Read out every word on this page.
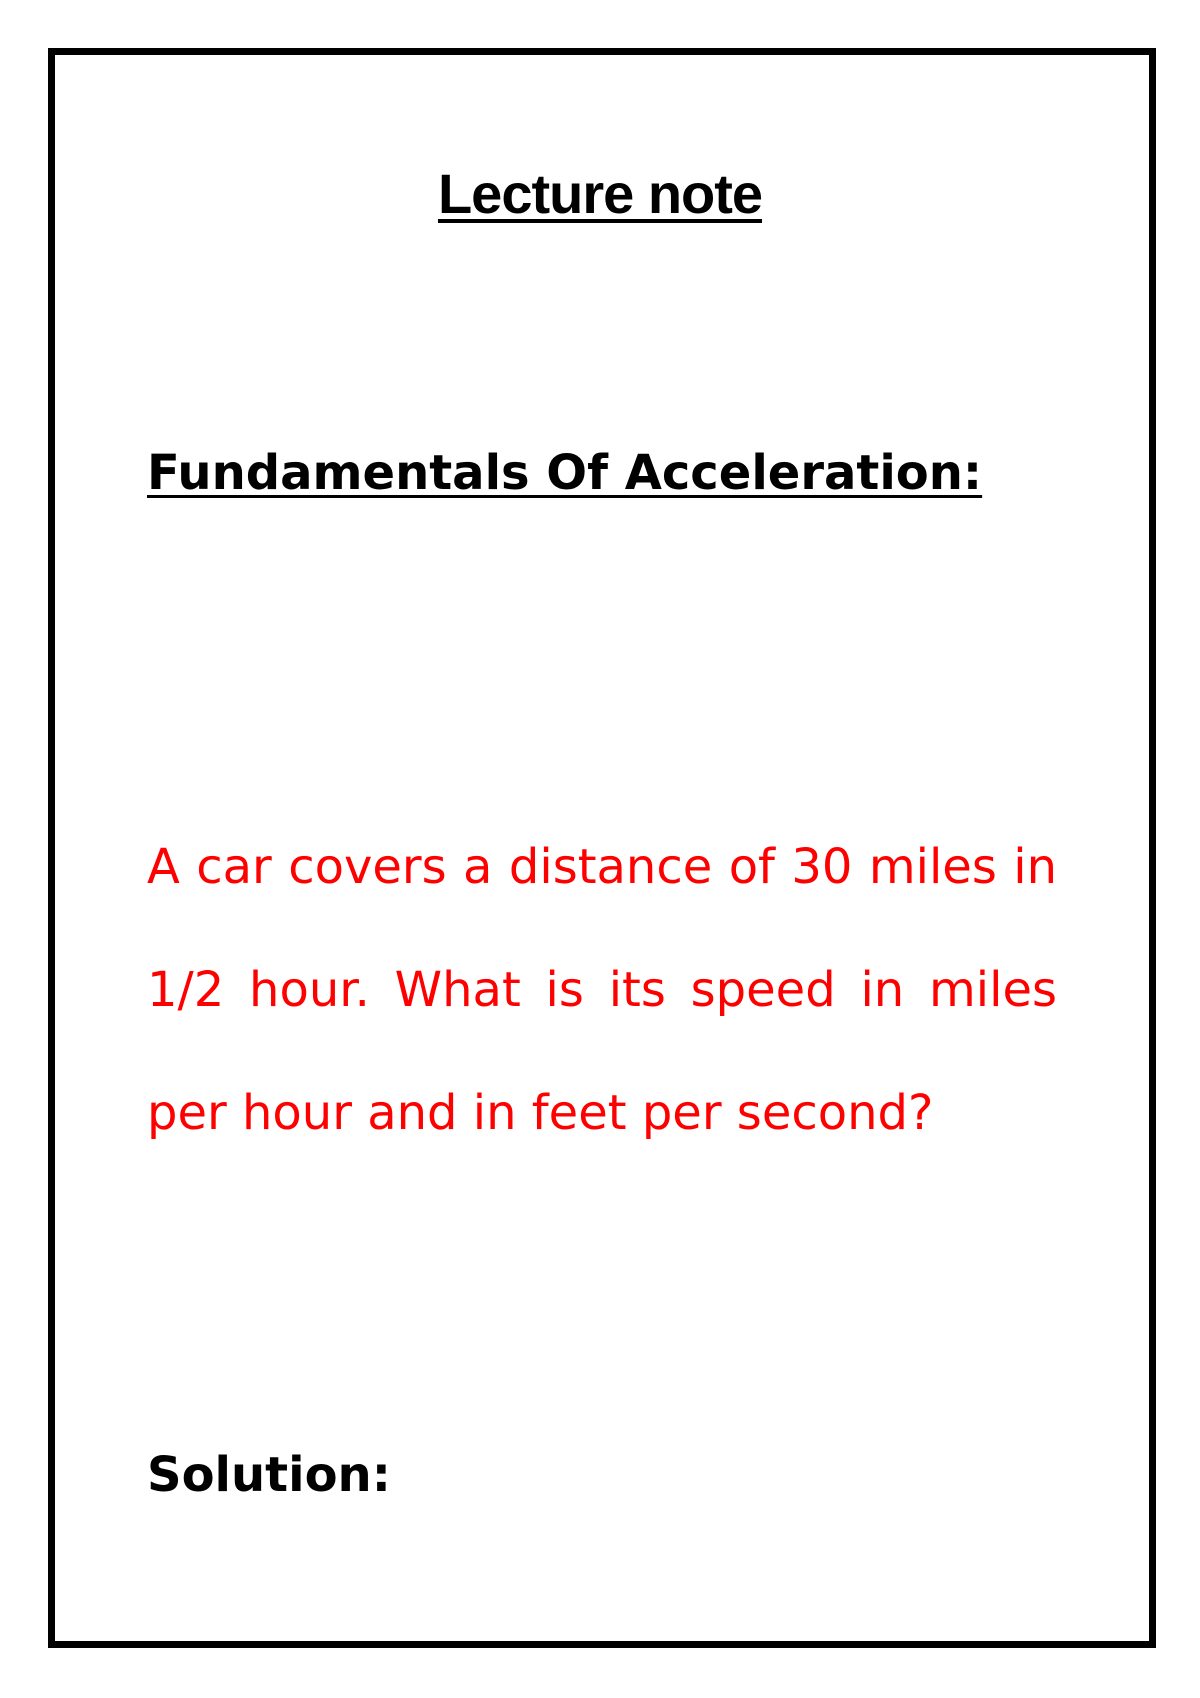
Lecture note
Fundamentals Of Acceleration:
A car covers a distance of 30 miles in 1/2 hour. What is its speed in miles per hour and in feet per second?
Solution:
